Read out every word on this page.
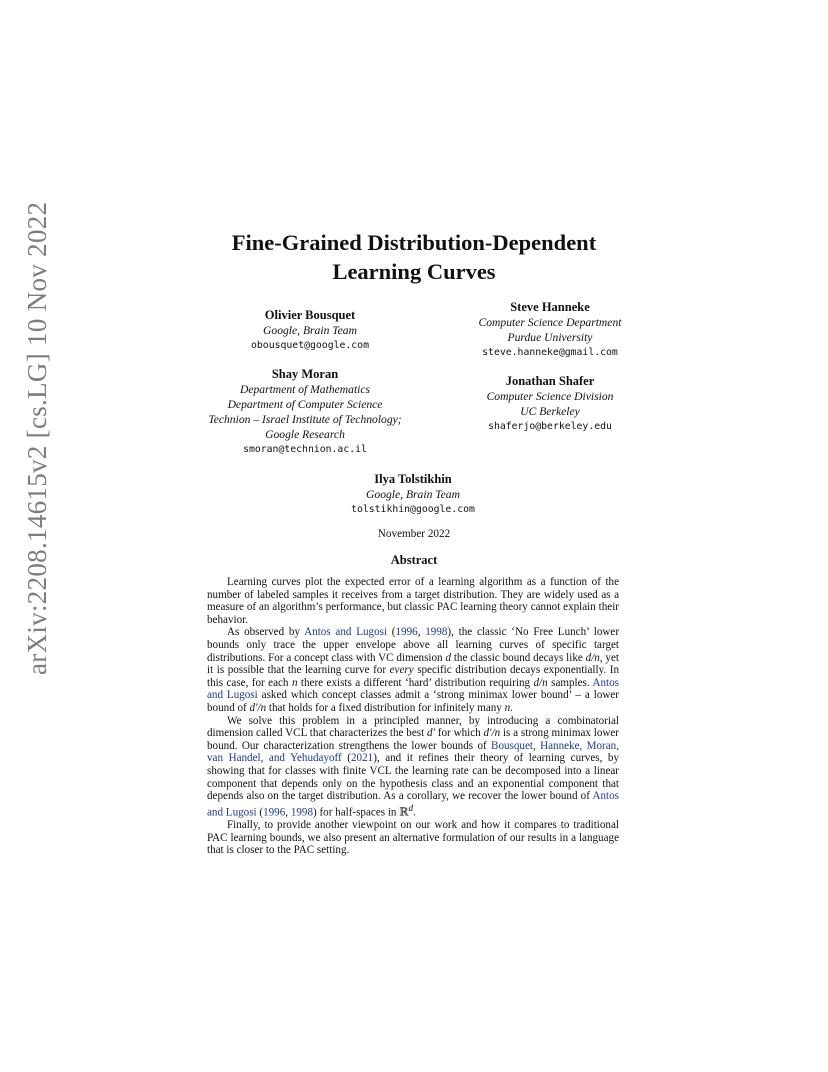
arXiv:2208.14615v2 [cs.LG] 10 Nov 2022	Fine-Grained Distribution-Dependent
Learning Curves
Olivier Bousquet
Google, Brain Team
obousquet@google.com
Steve Hanneke
Computer Science Department
Purdue University
steve.hanneke@gmail.com
Shay Moran
Department of Mathematics
Department of Computer Science
Technion – Israel Institute of Technology;
Google Research
smoran@technion.ac.il
Jonathan Shafer
Computer Science Division
UC Berkeley
shaferjo@berkeley.edu
Ilya Tolstikhin
Google, Brain Team
tolstikhin@google.com
November 2022
Abstract

Learning curves plot the expected error of a learning algorithm as a function of the number of labeled samples it receives from a target distribution. They are widely used as a measure of an algorithm’s performance, but classic PAC learning theory cannot explain their behavior.

As observed by Antos and Lugosi (1996, 1998), the classic ‘No Free Lunch’ lower bounds only trace the upper envelope above all learning curves of specific target distributions. For a concept class with VC dimension d the classic bound decays like d/n, yet it is possible that the learning curve for every specific distribution decays exponentially. In this case, for each n there exists a different ‘hard’ distribution requiring d/n samples. Antos and Lugosi asked which concept classes admit a ‘strong minimax lower bound’ – a lower bound of d′/n that holds for a fixed distribution for infinitely many n.

We solve this problem in a principled manner, by introducing a combinatorial dimension called VCL that characterizes the best d′ for which d′/n is a strong minimax lower bound. Our characterization strengthens the lower bounds of Bousquet, Hanneke, Moran, van Handel, and Yehudayoff (2021), and it refines their theory of learning curves, by showing that for classes with finite VCL the learning rate can be decomposed into a linear component that depends only on the hypothesis class and an exponential component that depends also on the target distribution. As a corollary, we recover the lower bound of Antos and Lugosi (1996, 1998) for half-spaces in ℝ$^d$.

Finally, to provide another viewpoint on our work and how it compares to traditional PAC learning bounds, we also present an alternative formulation of our results in a language that is closer to the PAC setting.
